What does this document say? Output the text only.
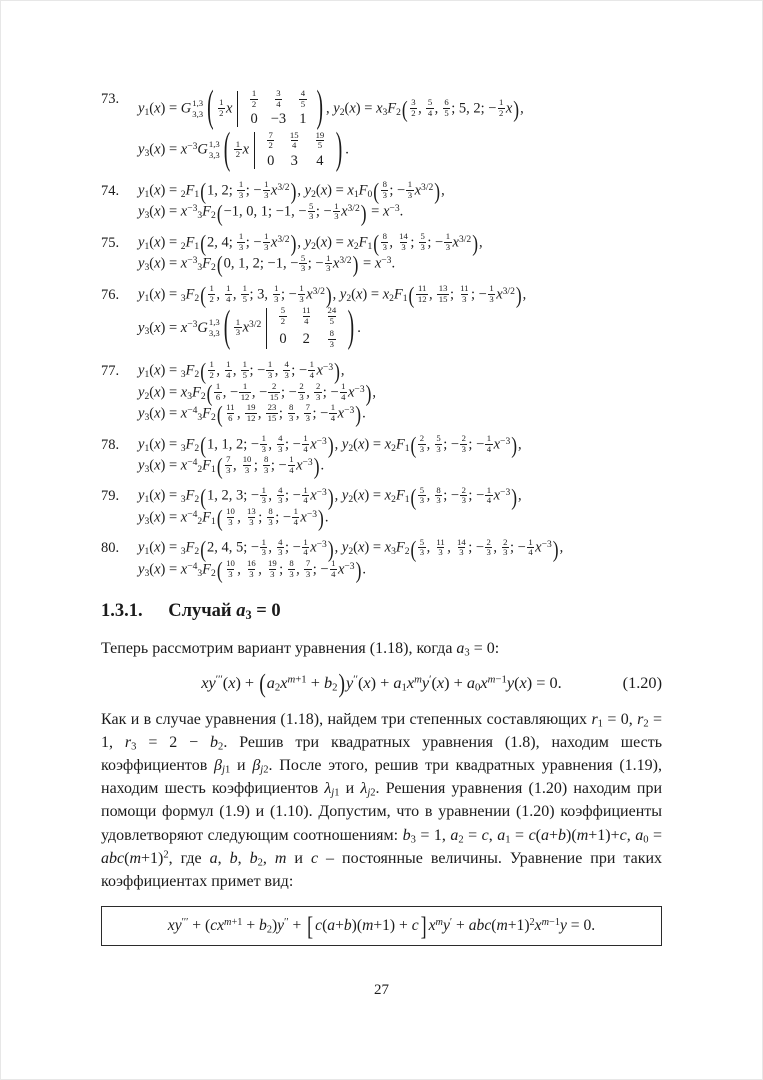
73.
$y_1(x) = G$ 1,3
3,3 ( $\frac{1}{2}$ x $\frac{1}{2}$	$\frac{3}{4}$	$\frac{4}{5}$

0	−3	1 ) , $y_2(x) = x_3F_2( \frac{3}{2}$ , $\frac{5}{4}$ , $\frac{6}{5}$ ; 5, 2; − $\frac{1}{2} x$),
$y_3(x) = x^{-3}G$ 1,3
3,3 ( $\frac{1}{2}$ x $\frac{7}{2}$	$\frac{15}{4}$	$\frac{19}{5}$

0	3	4 ) .
74.	$y_1(x) = _2F_1(1$, 2; $\frac{1}{3}$ ; − $\frac{1}{3} x^{3/2}$), $y_2(x) = x_1F_0( \frac{8}{3}$ ; − $\frac{1}{3} x^{3/2}$),
$y_3(x) = x^{-3}_3F_2(-1$, 0, 1; −1, − $\frac{5}{3}$ ; − $\frac{1}{3} x^{3/2}) = x^{-3}$.
75.	$y_1(x) = _2F_1(2$, 4; $\frac{1}{3}$ ; − $\frac{1}{3} x^{3/2}$), $y_2(x) = x_2F_1( \frac{8}{3}$ , $\frac{14}{3}$ ; $\frac{5}{3}$ ; − $\frac{1}{3} x^{3/2}$),
$y_3(x) = x^{-3}_3F_2(0$, 1, 2; −1, − $\frac{5}{3}$ ; − $\frac{1}{3} x^{3/2}) = x^{-3}$.
76.	$y_1(x) = _3F_2( \frac{1}{2}$ , $\frac{1}{4}$ , $\frac{1}{5}$ ; 3, $\frac{1}{3}$ ; − $\frac{1}{3} x^{3/2}$), $y_2(x) = x_2F_1( \frac{11}{12}$ , $\frac{13}{15}$ ; $\frac{11}{3}$ ; − $\frac{1}{3} x^{3/2}$),
$y_3(x) = x^{-3}G$ 1,3
3,3 ( $\frac{1}{3} x^{3/2} \frac{5}{2}$	$\frac{11}{4}$	$\frac{24}{5}$

0	2	$\frac{8}{3}$ ) .
77.	$y_1(x) = _3F_2( \frac{1}{2}$ , $\frac{1}{4}$ , $\frac{1}{5}$ ; − $\frac{1}{3}$ , $\frac{4}{3}$ ; − $\frac{1}{4} x^{-3}$),
$y_2(x) = x_3F_2( \frac{1}{6}$ , − $\frac{1}{12}$ , − $\frac{2}{15}$ ; − $\frac{2}{3}$ , $\frac{2}{3}$ ; − $\frac{1}{4} x^{-3}$),
$y_3(x) = x^{-4}_3F_2( \frac{11}{6}$ , $\frac{19}{12}$ , $\frac{23}{15}$ ; $\frac{8}{3}$ , $\frac{7}{3}$ ; − $\frac{1}{4} x^{-3}$).
78.	$y_1(x) = _3F_2(1$, 1, 2; − $\frac{1}{3}$ , $\frac{4}{3}$ ; − $\frac{1}{4} x^{-3}$), $y_2(x) = x_2F_1( \frac{2}{3}$ , $\frac{5}{3}$ ; − $\frac{2}{3}$ ; − $\frac{1}{4} x^{-3}$),
$y_3(x) = x^{-4}_2F_1( \frac{7}{3}$ , $\frac{10}{3}$ ; $\frac{8}{3}$ ; − $\frac{1}{4} x^{-3}$).
79.	$y_1(x) = _3F_2(1$, 2, 3; − $\frac{1}{3}$ , $\frac{4}{3}$ ; − $\frac{1}{4} x^{-3}$), $y_2(x) = x_2F_1( \frac{5}{3}$ , $\frac{8}{3}$ ; − $\frac{2}{3}$ ; − $\frac{1}{4} x^{-3}$),
$y_3(x) = x^{-4}_2F_1( \frac{10}{3}$ , $\frac{13}{3}$ ; $\frac{8}{3}$ ; − $\frac{1}{4} x^{-3}$).
80.	$y_1(x) = _3F_2(2$, 4, 5; − $\frac{1}{3}$ , $\frac{4}{3}$ ; − $\frac{1}{4} x^{-3}$), $y_2(x) = x_3F_2( \frac{5}{3}$ , $\frac{11}{3}$ , $\frac{14}{3}$ ; − $\frac{2}{3}$ , $\frac{2}{3}$ ; − $\frac{1}{4} x^{-3}$),
$y_3(x) = x^{-4}_3F_2( \frac{10}{3}$ , $\frac{16}{3}$ , $\frac{19}{3}$ ; $\frac{8}{3}$ , $\frac{7}{3}$ ; − $\frac{1}{4} x^{-3}$).
1.3.1. Случай $a_3 = 0$

Теперь рассмотрим вариант уравнения (1.18), когда $a_3 = 0$:

$xy'''(x) + (a_2x^{m+1} + b_2)y''(x) + a_1x^my'(x) + a_0x^{m-1}y(x) = 0$.	(1.20)

Как и в случае уравнения (1.18), найдем три степенных составляющих $r_1 = 0$, $r_2 = 1$, $r_3 = 2 - b_2$. Решив три квадратных уравнения (1.8), находим шесть коэффициентов $\beta_{j1}$ и $\beta_{j2}$. После этого, решив три квадратных уравнения (1.19), находим шесть коэффициентов $\lambda_{j1}$ и $\lambda_{j2}$. Решения уравнения (1.20) находим при помощи формул (1.9) и (1.10). Допустим, что в уравнении (1.20) коэффициенты удовлетворяют следующим соотношениям: $b_3 = 1$, $a_2 = c$, $a_1 = c(a+b)(m+1)+c$, $a_0 = abc(m+1)^2$, где a, b, $b_2$, m и c – постоянные величины. Уравнение при таких коэффициентах примет вид:

$xy''' + (cx^{m+1} + b_2)y''$ + [ c(a+b)(m+1) + c ] $x^my' + abc(m+1)^2x^{m-1}y = 0$.
27
